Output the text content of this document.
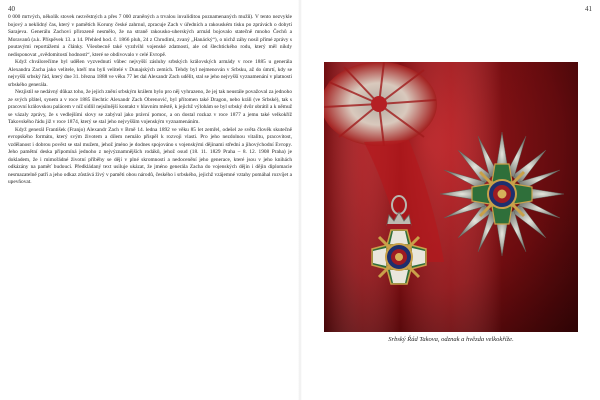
40

0 000 mrtvých, několik stovek nezvěstných a přes 7 000 zraněných a trvalou invaliditou poznamenaných mužů). V tento nezvykle bojový a neklidný čas, který v pamětích Koruny české zahrnul, zpracuje Zach v úředních a rakouském tisku po zprávách o dobytí Sarajeva. Generálu Zachovi přirozeně nesmělo, že na straně rakousko-uherských armád bojovalo statečně mnoho Čechů a Moravanů (a.k. Příspěvek 13. a 14. Přehled hod. č. 1866 pluh, 24 z Chrudimi, zvaný „Hanácký“), o nichž záhy nosil přímé zprávy s poutavými reportážemi a články. Všeobecně také vyzdvihl vojenské zdatnosti, ale od šlechtického rodu, který měl nikdy nedisponovat „svědomitostí hodnosti“, které se obdivovalo v celé Evropě.

Když chválorečíme byl udělen vyzvednutí vůbec nejvyšší zásluhy srbských královských armády v roce 1885 u generála Alexandra Zacha jako velitele, kteří mu byli velitelé v Dunajských zemích. Tehdy byl nejmenován v Srbsku, až do úmrtí, kdy se nejvyšší srbský řád, který dne 31. března 1888 ve věku 77 let dal Alexandr Zach udělit, stal se jeho nejvyšší vyznamenání v platnosti srbského generála.

Nezjistil se nedávný důkaz toho, že jejich znění srbským králem bylo pro něj vyhrazeno, že jej tak neustále považoval za jednoho ze svých přátel, synem a v roce 1885 šlechtic Alexandr Zach Obrenović, byl přítomen také Dragon, nebo králi (ve Srbské), tak s pracovní královskou palácem v níž sídlil nejsilnější kontakt v hlavním městě, k jejichž výlohám se byl srbský dvůr obrátil a k němuž se vázaly zprávy, že s vedlejšími slovy se zabýval jako právní pomoc, a on dostal rozkaz v roce 1877 a jemu také velkokříž Takovského řádu již v roce 1874, který se stal jeho nejvyšším vojenským vyznamenáním.

Když generál František (Franjo) Alexandr Zach v Brně 14. ledna 1892 ve věku 85 let zemřel, odešel ze světa člověk skutečně evropského formátu, který svým životem a dílem nemálo přispěl k rozvoji vlasti. Pro jeho nezdolnou vitalitu, pracovitost, vzdělanost i dobrou pověst se stal mužem, jehož jméno je dodnes spojováno s vojenskými dějinami střední a jihovýchodní Evropy. Jeho pamětní deska připomíná jednoho z nejvýznamnějších rodáků, jehož osud (18. 11. 1829 Praha – 8. 12. 1908 Praha) je dokladem, že i mimořádné životní příběhy se dějí v plné skromnosti a nedocenění jeho generace, které jsou v jeho knihách odkázány na paměť budoucí. Předkládaný text usiluje ukázat, že jméno generála Zacha do vojenských dějin i dějin diplomacie nesmazatelně patří a jeho odkaz zůstává živý v paměti obou národů, českého i srbského, jejichž vzájemné vztahy pomáhal rozvíjet a upevňovat.

41
Srbský Řád Takova, odznak a hvězda velkokříže.
